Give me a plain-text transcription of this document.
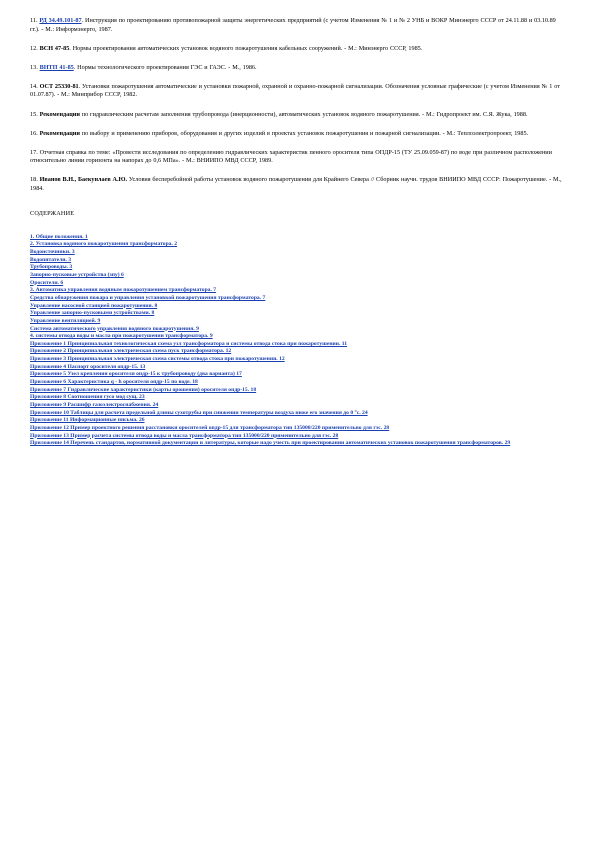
11. РД 34.49.101-87. Инструкция по проектированию противопожарной защиты энергетических предприятий (с учетом Изменения № 1 и № 2 УНБ и ВОКР Минэнерго СССР от 24.11.88 и 03.10.89 гг.). - М.: Информэнерго, 1987.

12. ВСН 47-85. Нормы проектирования автоматических установок водяного пожаротушения кабельных сооружений. - М.: Минэнерго СССР, 1985.

13. ВНТП 41-85. Нормы технологического проектирования ГЭС и ГАЭС. - М., 1986.

14. ОСТ 25330-81. Установки пожаротушения автоматические и установки пожарной, охранной и охранно-пожарной сигнализации. Обозначения условные графические (с учетом Изменения № 1 от 01.07.87). - М.: Минприбор СССР, 1982.

15. Рекомендации по гидравлическим расчетам заполнения трубопровода (инерционности), автоматических установок водяного пожаротушения. - М.: Гидропроект им. С.Я. Жука, 1988.

16. Рекомендации по выбору и применению приборов, оборудования и других изделий в проектах установок пожаротушения и пожарной сигнализации. - М.: Теплоэлектропроект, 1985.

17. Отчетная справка по теме: «Провести исследования по определению гидравлических характеристик пенного оросителя типа ОПДР-15 (ТУ 25.09.059-87) по воде при различном расположении относительно линии горизонта на напорах до 0,6 МПа». - М.: ВНИИПО МВД СССР, 1989.

18. Иванов В.Н., Баекунлаев А.Ю. Условия бесперебойной работы установок водяного пожаротушения для Крайнего Севера // Сборник научн. трудов ВНИИПО МВД СССР: Пожаротушение. - М., 1984.

СОДЕРЖАНИЕ
1. Общие положения. 1
2. Установка водяного пожаротушения трансформатора. 2
Водоисточники. 3
Водопитатели. 3
Трубопроводы. 3
Запорно-пусковые устройства (зпу) 6
Оросители. 6
3. Автоматика управления водяным пожаротушением трансформатора. 7
Средства обнаружения пожара и управления установкой пожаротушения трансформатора. 7
Управление насосной станцией пожаротушения. 8
Управление запорно-пусковыми устройствами. 8
Управление вентиляцией. 9
Система автоматического управления водяного пожаротушения. 9
4. системы отвода воды и масла при пожаротушении трансформатора. 9
Приложение 1 Принципиальная технологическая схема узл трансформатора и системы отвода стока при пожаротушении. 11
Приложение 2 Принципиальная электрическая схема пуск трансформатора. 12
Приложение 3 Принципиальная электрическая схема системы отвода стока при пожаротушении. 12
Приложение 4 Паспорт оросителя опдр-15. 13
Приложение 5 Узел крепления оросителя опдр-15 к трубопроводу (два варианта) 17
Приложение 6 Характеристика q - h оросителя опдр-15 по воде. 18
Приложение 7 Гидравлические характеристики (карты орошения) оросителя опдр-15. 18
Приложение 8 Соотношения гусо мод сущ. 23
Приложение 9 Расшифр газоэлектроснабжения. 24
Приложение 10 Таблицы для расчета предельной длины сухотрубы при снижении температуры воздуха ниже его значения до 0 °с. 24
Приложение 11 Информационные письма. 26
Приложение 12 Пример проектного решения расстановки оросителей опдр-15 для трансформатора тип 135000/220 применительно для гэс. 28
Приложение 13 Пример расчета системы отвода воды и масла трансформатора тип 135000/220 применительно для гэс. 28
Приложение 14 Перечень стандартов, нормативной документации и литературы, которые надо учесть при проектировании автоматических установок пожаротушения трансформаторов. 29
